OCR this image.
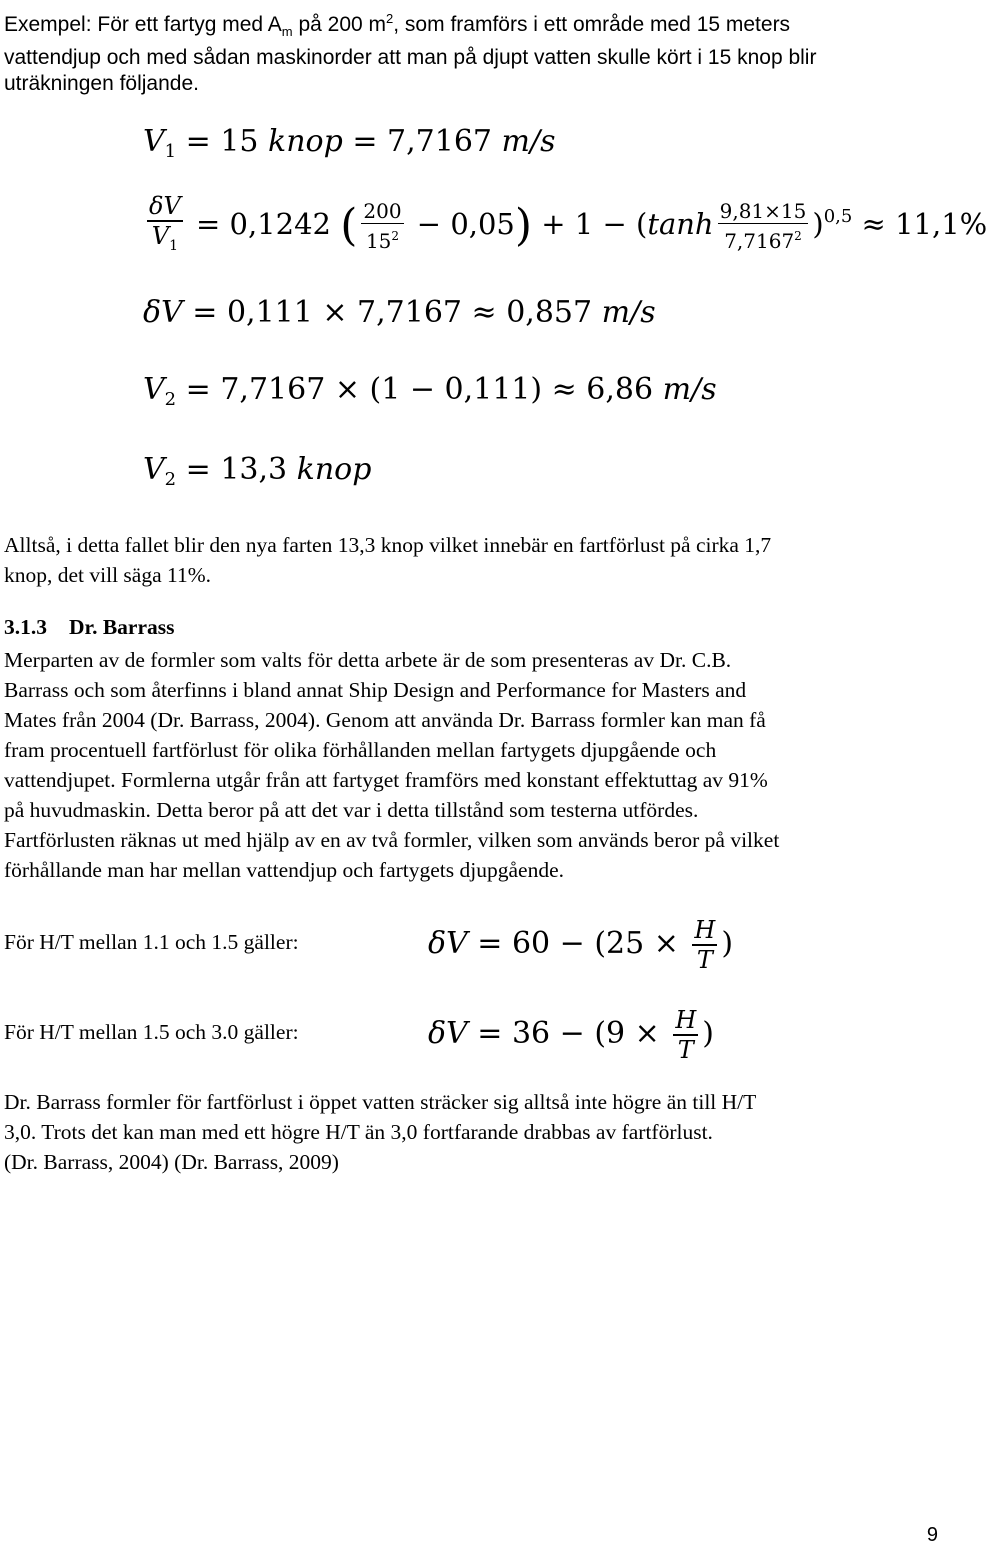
Exempel: För ett fartyg med $A_m$ på 200 $m^2$, som framförs i ett område med 15 meters
vattendjup och med sådan maskinorder att man på djupt vatten skulle kört i 15 knop blir
uträkningen följande.
$V_1 = 15$ knop = 7,7167 m/s
$\frac{\delta V}{V_1} = 0,1242$ ( $\frac{200}{15^2} - 0,05) + 1 - (\tanh \frac{9,81\times 15}{7,7167^2} )^{0,5} \approx 11,1\%$
δV = 0,111 × 7,7167 ≈ 0,857 m/s
$V_2 = 7,7167 \times (1 - 0,111) \approx 6,86$ m/s
$V_2 = 13,3$ knop
Alltså, i detta fallet blir den nya farten 13,3 knop vilket innebär en fartförlust på cirka 1,7
knop, det vill säga 11%.
3.1.3 Dr. Barrass
Merparten av de formler som valts för detta arbete är de som presenteras av Dr. C.B.
Barrass och som återfinns i bland annat Ship Design and Performance for Masters and
Mates från 2004 (Dr. Barrass, 2004). Genom att använda Dr. Barrass formler kan man få
fram procentuell fartförlust för olika förhållanden mellan fartygets djupgående och
vattendjupet. Formlerna utgår från att fartyget framförs med konstant effektuttag av 91%
på huvudmaskin. Detta beror på att det var i detta tillstånd som testerna utfördes.
Fartförlusten räknas ut med hjälp av en av två formler, vilken som används beror på vilket
förhållande man har mellan vattendjup och fartygets djupgående.
För H/T mellan 1.1 och 1.5 gäller:	$\delta V = 60 - (25 \times \frac{H}{T}$ )
För H/T mellan 1.5 och 3.0 gäller:	$\delta V = 36 - (9 \times \frac{H}{T}$ )
Dr. Barrass formler för fartförlust i öppet vatten sträcker sig alltså inte högre än till H/T
3,0. Trots det kan man med ett högre H/T än 3,0 fortfarande drabbas av fartförlust.
(Dr. Barrass, 2004) (Dr. Barrass, 2009)
9
